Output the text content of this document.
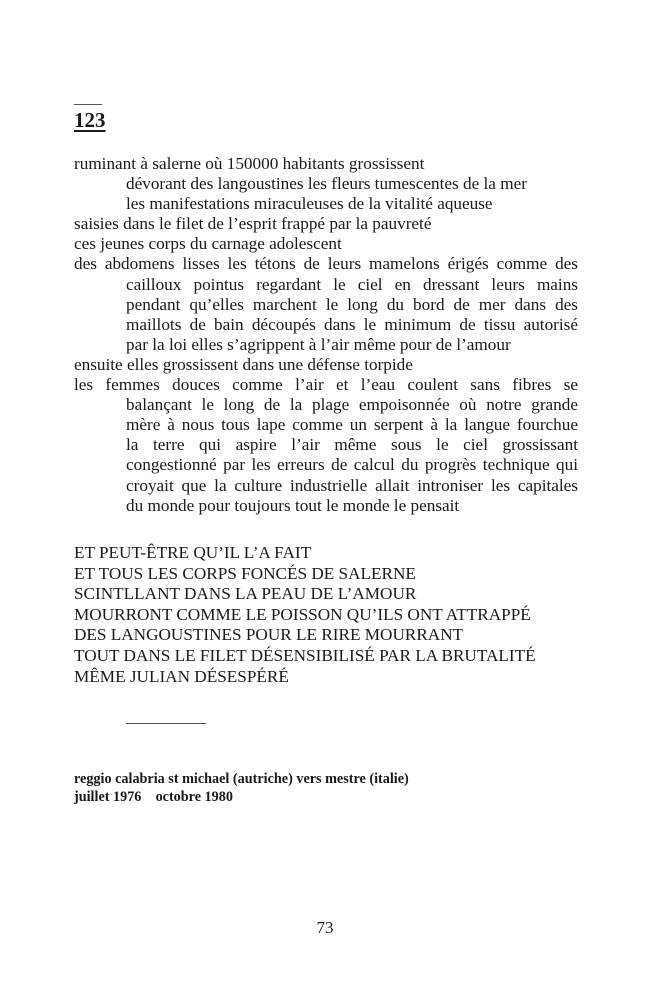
123

ruminant à salerne où 150000 habitants grossissent

dévorant des langoustines les fleurs tumescentes de la mer

les manifestations miraculeuses de la vitalité aqueuse

saisies dans le filet de l’esprit frappé par la pauvreté

ces jeunes corps du carnage adolescent

des abdomens lisses les tétons de leurs mamelons érigés comme des

cailloux pointus regardant le ciel en dressant leurs mains

pendant qu’elles marchent le long du bord de mer dans des

maillots de bain découpés dans le minimum de tissu autorisé

par la loi elles s’agrippent à l’air même pour de l’amour

ensuite elles grossissent dans une défense torpide

les femmes douces comme l’air et l’eau coulent sans fibres se

balançant le long de la plage empoisonnée où notre grande

mère à nous tous lape comme un serpent à la langue fourchue

la terre qui aspire l’air même sous le ciel grossissant

congestionné par les erreurs de calcul du progrès technique qui

croyait que la culture industrielle allait introniser les capitales

du monde pour toujours tout le monde le pensait

ET PEUT-ÊTRE QU’IL L’A FAIT

ET TOUS LES CORPS FONCÉS DE SALERNE

SCINTLLANT DANS LA PEAU DE L’AMOUR

MOURRONT COMME LE POISSON QU’ILS ONT ATTRAPPÉ

DES LANGOUSTINES POUR LE RIRE MOURRANT

TOUT DANS LE FILET DÉSENSIBILISÉ PAR LA BRUTALITÉ

MÊME JULIAN DÉSESPÉRÉ

reggio calabria st michael (autriche) vers mestre (italie)

juillet 1976    octobre 1980

73
